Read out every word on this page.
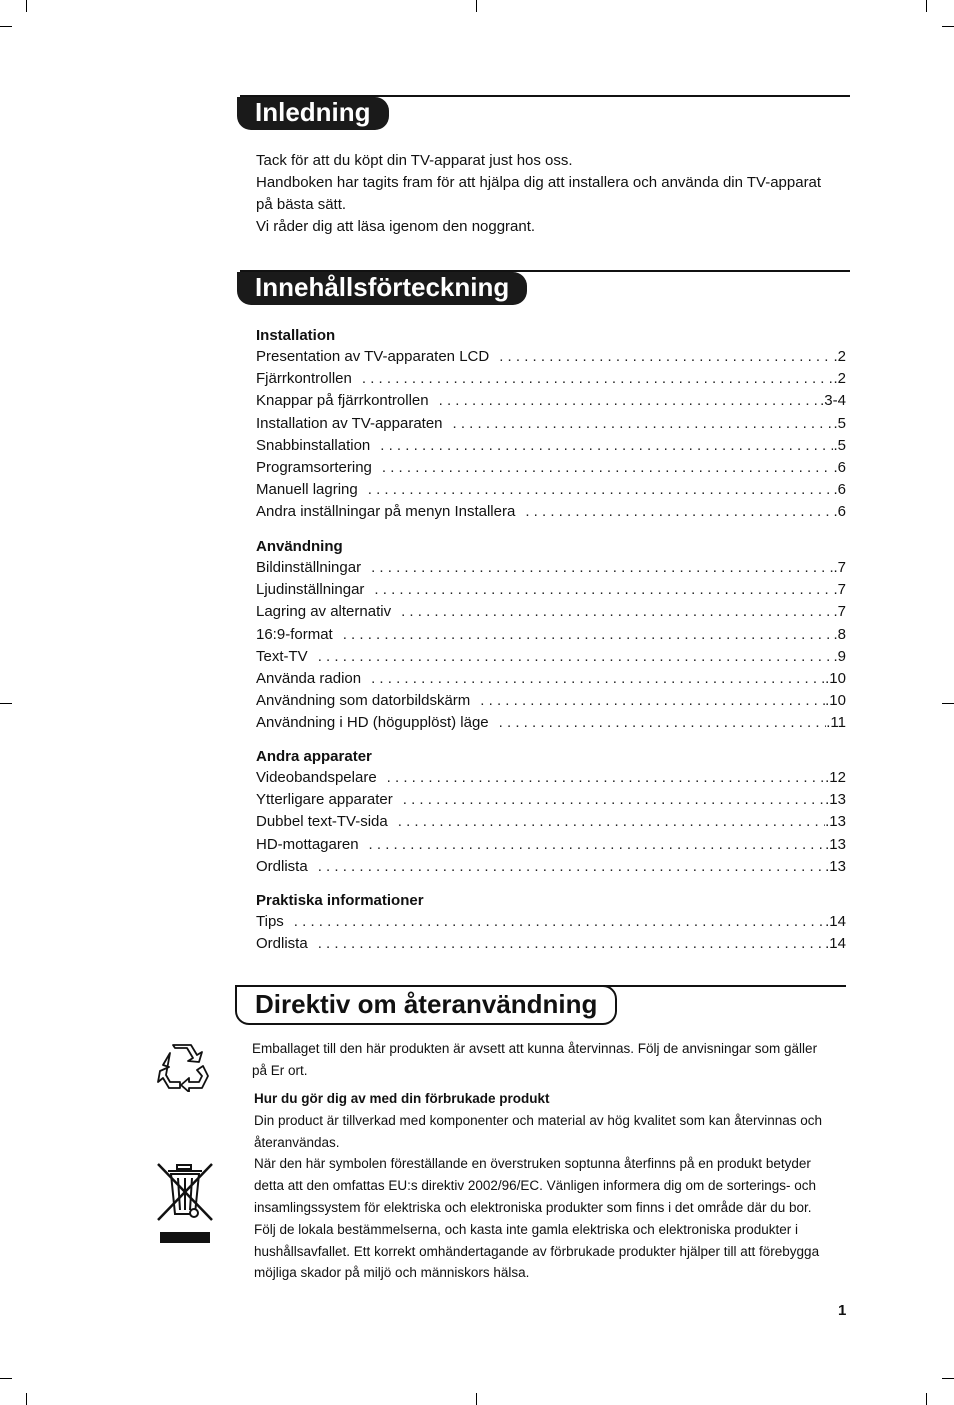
Inledning

Tack för att du köpt din TV-apparat just hos oss.

Handboken har tagits fram för att hjälpa dig att installera och använda din TV-apparat på bästa sätt.

Vi råder dig att läsa igenom den noggrant.

Innehållsförteckning
Installation
Presentation av TV-apparaten LCD . . .	.2
Fjärrkontrollen . . .	.2
Knappar på fjärrkontrollen . . .	.3-4
Installation av TV-apparaten . . .	.5
Snabbinstallation . . .	.5
Programsortering . . .	.6
Manuell lagring . . .	.6
Andra inställningar på menyn Installera . . .	.6
Användning
Bildinställningar . . .	.7
Ljudinställningar . . .	.7
Lagring av alternativ . . .	.7
16:9-format . . .	.8
Text-TV . . .	.9
Använda radion . . .	.10
Användning som datorbildskärm . . .	.10
Användning i HD (högupplöst) läge . . .	.11
Andra apparater
Videobandspelare . . .	.12
Ytterligare apparater . . .	.13
Dubbel text-TV-sida . . .	.13
HD-mottagaren . . .	.13
Ordlista . . .	.13
Praktiska informationer
Tips . . .	.14
Ordlista . . .	.14
Direktiv om återanvändning

Emballaget till den här produkten är avsett att kunna återvinnas. Följ de anvisningar som gäller på Er ort.

Hur du gör dig av med din förbrukade produkt

Din product är tillverkad med komponenter och material av hög kvalitet som kan återvinnas och återanvändas.

När den här symbolen föreställande en överstruken soptunna återfinns på en produkt betyder detta att den omfattas EU:s direktiv 2002/96/EC. Vänligen informera dig om de sorterings- och insamlingssystem för elektriska och elektroniska produkter som finns i det område där du bor. Följ de lokala bestämmelserna, och kasta inte gamla elektriska och elektroniska produkter i hushållsavfallet. Ett korrekt omhändertagande av förbrukade produkter hjälper till att förebygga möjliga skador på miljö och människors hälsa.

1
